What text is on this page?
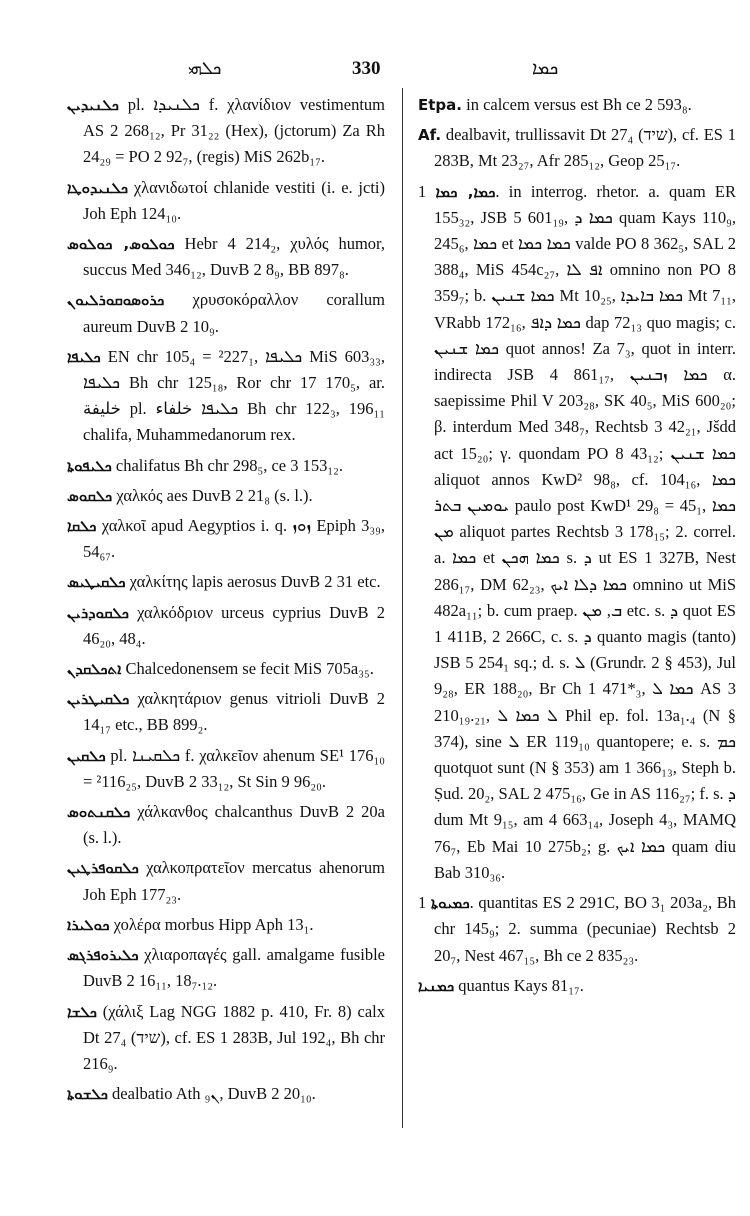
ܟܠܗܝ	330	ܟܡܐ

ܟܠܢܝܕܝܢ pl. ܟܠܢܝܕܐ f. χλανίδιον vestimentum AS 2 268₁₂, Pr 31₂₂ (Hex), (jctorum) Za Rh 24₂₉ = PO 2 92₇, (regis) MiS 262b₁₇.

ܟܠܢܝܕܘܛܐ χλανιδωτοί chlanide vestiti (i. e. jcti) Joh Eph 124₁₀.

ܟܘܠܘܣ, ܟܘܠܘܣ Hebr 4 214₂, χυλός humor, succus Med 346₁₂, DuvB 2 8₉, BB 897₈.

ܟܪܘܣܘܩܘܪܠܝܘܢ χρυσοκόραλλον corallum aureum DuvB 2 10₉.

ܟܠܝܦܐ EN chr 105₄ = ²227₁, ܟܠܝܦܐ MiS 603₃₃, ܟܠܝܦܐ Bh chr 125₁₈, Ror chr 17 170₅, ar. خليفة pl. ܟܠܝܦܐ خلفاء Bh chr 122₃, 196₁₁ chalifa, Muhammedanorum rex.

ܟܠܝܦܘܬܐ chalifatus Bh chr 298₅, ce 3 153₁₂.

ܟܠܩܘܣ χαλκός aes DuvB 2 21₈ (s. l.).

ܟܠܩܐ χαλκοῖ apud Aegyptios i. q. ܙܘܙ Epiph 3₃₉, 54₆₇.

ܟܠܩܝܛܝܣ χαλκίτης lapis aerosus DuvB 2 31 etc.

ܟܠܩܘܕܪܝܢ χαλκόδριον urceus cyprius DuvB 2 46₂₀, 48₄.

ܐܬܟܠܩܕܢ Chalcedonensem se fecit MiS 705a₃₅.

ܟܠܩܝܛܪܝܢ χαλκητάριον genus vitrioli DuvB 2 14₁₇ etc., BB 899₂.

ܟܠܩܝܢ pl. ܟܠܩܝܢܐ f. χαλκεῖον ahenum SE¹ 176₁₀ = ²116₂₅, DuvB 2 33₁₂, St Sin 9 96₂₀.

ܟܠܩܢܬܘܣ χάλκανθος chalcanthus DuvB 2 20a (s. l.).

ܟܠܩܘܦܪܛܝܢ χαλκοπρατεῖον mercatus ahenorum Joh Eph 177₂₃.

ܟܘܠܝܪܐ χολέρα morbus Hipp Aph 13₁.

ܟܠܝܪܘܦܪܓܣ χλιαροπαγές gall. amalgame fusible DuvB 2 16₁₁, 18₇.₁₂.

ܟܠܫܐ (χάλιξ Lag NGG 1882 p. 410, Fr. 8) calx Dt 27₄ (שיד), cf. ES 1 283B, Jul 192₄, Bh chr 216₉.

ܟܠܫܘܬܐ dealbatio Ath ܢ₉, DuvB 2 20₁₀.

Etpa. in calcem versus est Bh ce 2 593₈.

Af. dealbavit, trullissavit Dt 27₄ (שיד), cf. ES 1 283B, Mt 23₂₇, Afr 285₁₂, Geop 25₁₇.

ܟܡܐ, ܟܡܐ 1. in interrog. rhetor. a. quam ER 155₃₂, JSB 5 601₁₉, ܟܡܐ ܕ quam Kays 110₉, 245₆, ܟܡܐ et ܟܡܐ ܟܡܐ valde PO 8 362₅, SAL 2 388₄, MiS 454c₂₇, ܐܦ ܠܐ omnino non PO 8 359₇; b. ܟܡܐ ܫܢܝܢ Mt 10₂₅, ܟܡܐ ܒܐܝܕܐ Mt 7₁₁, VRabb 172₁₆, ܟܡܐ ܕܐܦ dap 72₁₃ quo magis; c. ܟܡܐ ܫܢܝܢ quot annos! Za 7₃, quot in interr. indirecta JSB 4 861₁₇, ܟܡܐ ܙܒܢܝܢ α. saepissime Phil V 203₂₈, SK 40₅, MiS 600₂₀; β. interdum Med 348₇, Rechtsb 3 42₂₁, Jšdd act 15₂₀; γ. quondam PO 8 43₁₂; ܟܡܐ ܫܢܝܢ aliquot annos KwD² 98₈, cf. 104₁₆, ܟܡܐ ܝܘܡܝܢ ܒܬܪ paulo post KwD¹ 29₈ = 45₁, ܟܡܐ ܡܢ aliquot partes Rechtsb 3 178₁₅; 2. correl. a. ܟܡܐ et ܟܡܐ ܗܟܢ s. ܕ ut ES 1 327B, Nest 286₁₇, DM 62₂₃, ܟܡܐ ܕܠܐ ܐܝܟ omnino ut MiS 482a₁₁; b. cum praep. ܒ, ܡܢ etc. s. ܕ quot ES 1 411B, 2 266C, c. s. ܕ quanto magis (tanto) JSB 5 254₁ sq.; d. s. ܠ (Grundr. 2 § 453), Jul 9₂₈, ER 188₂₀, Br Ch 1 471*₃, ܟܡܐ ܠ AS 3 210₁₉.₂₁, ܠ ܟܡܐ ܠ Phil ep. fol. 13a₁.₄ (N § 374), sine ܠ ER 119₁₀ quantopere; e. s. ܟܡ quotquot sunt (N § 353) am 1 366₁₃, Steph b. Ṣud. 20₂, SAL 2 475₁₆, Ge in AS 116₂₇; f. s. ܕ dum Mt 9₁₅, am 4 663₁₄, Joseph 4₃, MAMQ 76₇, Eb Mai 10 275b₂; g. ܟܡܐ ܐܝܟ quam diu Bab 310₃₆.

ܟܡܝܘܬܐ 1. quantitas ES 2 291C, BO 3₁ 203a₂, Bh chr 145₉; 2. summa (pecuniae) Rechtsb 2 20₇, Nest 467₁₅, Bh ce 2 835₂₃.

ܟܡܢܝܐ quantus Kays 81₁₇.
